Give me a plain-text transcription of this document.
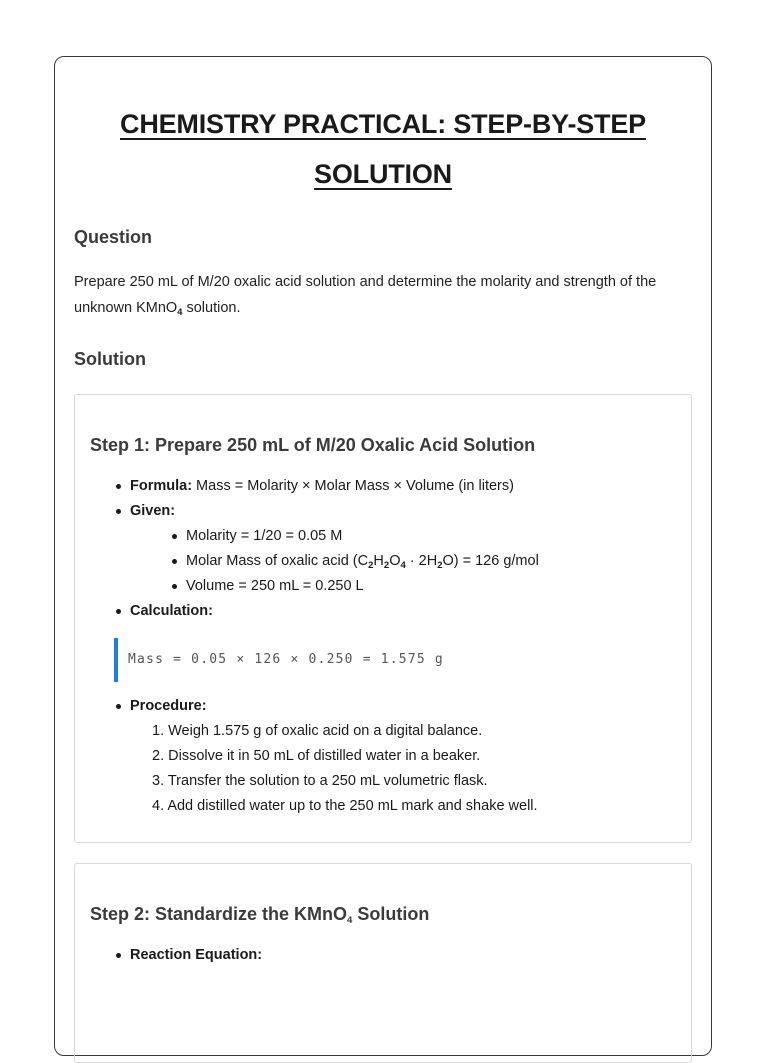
CHEMISTRY PRACTICAL: STEP-BY-STEP SOLUTION
Question

Prepare 250 mL of M/20 oxalic acid solution and determine the molarity and strength of the unknown KMnO$_4$ solution.

Solution
Step 1: Prepare 250 mL of M/20 Oxalic Acid Solution
Formula: Mass = Molarity × Molar Mass × Volume (in liters)
Given:
Molarity = 1/20 = 0.05 M
Molar Mass of oxalic acid $(C_2H_2O_4 \cdot 2H_2O) = 126$ g/mol
Volume = 250 mL = 0.250 L
Calculation:
Mass = 0.05 × 126 × 0.250 = 1.575 g
Procedure:
1. Weigh 1.575 g of oxalic acid on a digital balance.
2. Dissolve it in 50 mL of distilled water in a beaker.
3. Transfer the solution to a 250 mL volumetric flask.
4. Add distilled water up to the 250 mL mark and shake well.
Step 2: Standardize the KMnO$_4$ Solution
Reaction Equation:
